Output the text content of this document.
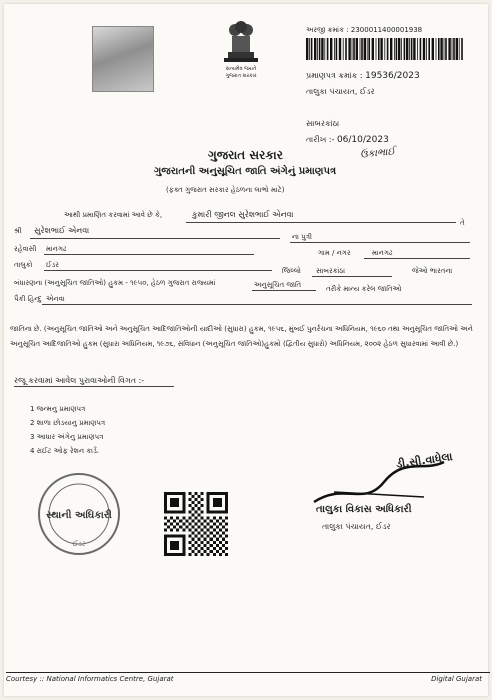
સત્યમેવ જયતે
ગુજરાત સરકાર
અરજી ક્રમાંક : 2300011400001938
પ્રમાણપત્ર ક્રમાંક : 19536/2023
તાલુકા પંચાયત, ઈડર
સાબરકાંઠા
તારીખ :- 06/10/2023
ઉકાભાઈ
ગુજરાત સરકાર
ગુજરાતની અનુસૂચિત જાતિ અંગેનું પ્રમાણપત્ર
(ફક્ત ગુજરાત સરકાર હેઠળના લાભો માટે)
આથી પ્રમાણિત કરવામાં આવે છે કે,	કુમારી જીનલ સુરેશભાઈ એનવા
તે
શ્રી સુરેશભાઈ એનવા
ના પુત્રી
રહેવાસી માનગઢ	ગામ / નગર	માનગઢ
તાલુકો ઈડર
જિલ્લો સાબરકાંઠા	જેઓ ભારતના
બંધારણના (અનુસૂચિત જાતિઓ) હુકમ - ૧૯૫૦, હેઠળ ગુજરાત રાજ્યમાં	અનુસૂચિત જાતિ	તરીકે માન્ય કરેલ જાતિઓ
પૈકી હિન્દુ એનવા
જાતિના છે. (અનુસૂચિત જાતિઓ અને અનુસૂચિત આદિજાતિઓની યાદીઓ (સુધારા) હુકમ, ૧૯૫૬, મુંબઈ પુનર્રચના અધિનિયમ, ૧૯૬૦ તથા અનુસૂચિત જાતિઓ અને અનુસૂચિત આદિજાતિઓ હુકમ (સુધારા અધિનિયમ, ૧૯૭૬, સંવિધાન (અનુસૂચિત જાતિઓ)હુકમો (દ્વિતીય સુધારો) અધિનિયમ, ૨૦૦૨ હેઠળ સુધારવામાં આવી છે.)
રજૂ કરવામાં આવેલ પુરાવાઓની વિગત :-
1 જન્મનુ પ્રમાણપત્ર
2 શાળા છોડયાનુ પ્રમાણપત્ર
3 આધાર અંગેનુ પ્રમાણપત્ર
4 રાઈટ ઓફ રેશન કાર્ડ.
ઈડર
સ્થાની અઘિકારી
ડી.સી.વાધેલા
તાલુકા વિકાસ અધિકારી
તાલુકા પંચાયત, ઈડર
Courtesy :: National Informatics Centre, Gujarat	Digital Gujarat
